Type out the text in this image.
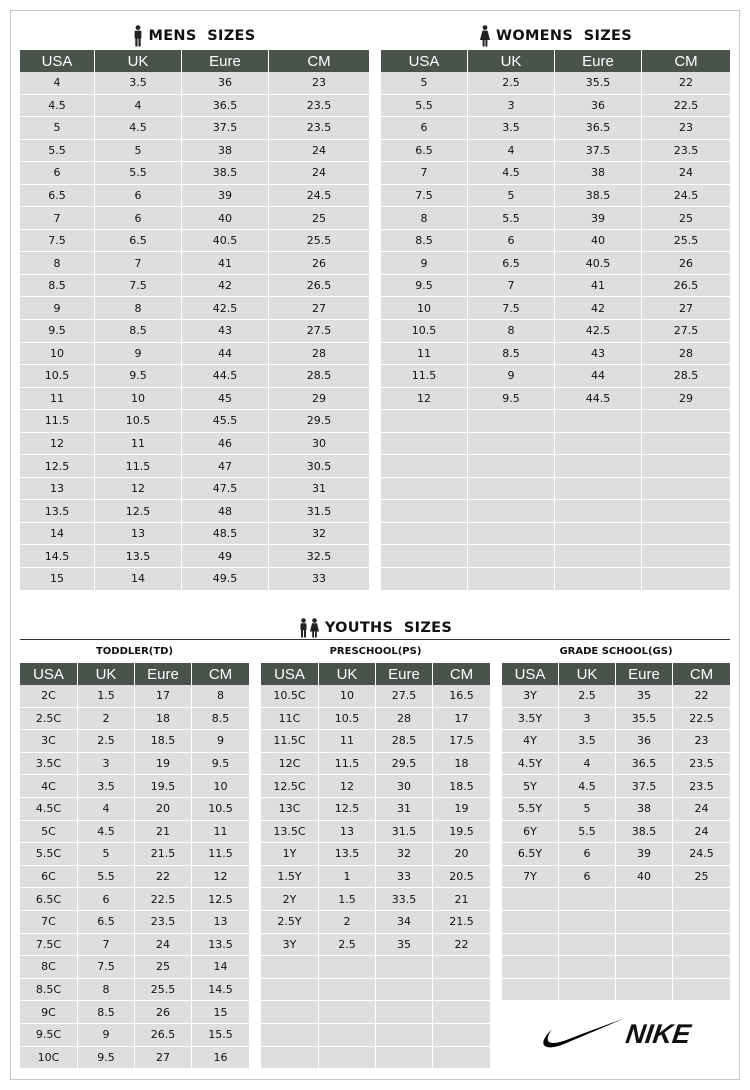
MENS  SIZES	WOMENS  SIZES
USA	UK	Eure	CM
4	3.5	36	23
4.5	4	36.5	23.5
5	4.5	37.5	23.5
5.5	5	38	24
6	5.5	38.5	24
6.5	6	39	24.5
7	6	40	25
7.5	6.5	40.5	25.5
8	7	41	26
8.5	7.5	42	26.5
9	8	42.5	27
9.5	8.5	43	27.5
10	9	44	28
10.5	9.5	44.5	28.5
11	10	45	29
11.5	10.5	45.5	29.5
12	11	46	30
12.5	11.5	47	30.5
13	12	47.5	31
13.5	12.5	48	31.5
14	13	48.5	32
14.5	13.5	49	32.5
15	14	49.5	33
USA	UK	Eure	CM
5	2.5	35.5	22
5.5	3	36	22.5
6	3.5	36.5	23
6.5	4	37.5	23.5
7	4.5	38	24
7.5	5	38.5	24.5
8	5.5	39	25
8.5	6	40	25.5
9	6.5	40.5	26
9.5	7	41	26.5
10	7.5	42	27
10.5	8	42.5	27.5
11	8.5	43	28
11.5	9	44	28.5
12	9.5	44.5	29
YOUTHS  SIZES
TODDLER(TD)	PRESCHOOL(PS)	GRADE SCHOOL(GS)
USA	UK	Eure	CM
2C	1.5	17	8
2.5C	2	18	8.5
3C	2.5	18.5	9
3.5C	3	19	9.5
4C	3.5	19.5	10
4.5C	4	20	10.5
5C	4.5	21	11
5.5C	5	21.5	11.5
6C	5.5	22	12
6.5C	6	22.5	12.5
7C	6.5	23.5	13
7.5C	7	24	13.5
8C	7.5	25	14
8.5C	8	25.5	14.5
9C	8.5	26	15
9.5C	9	26.5	15.5
10C	9.5	27	16
USA	UK	Eure	CM
10.5C	10	27.5	16.5
11C	10.5	28	17
11.5C	11	28.5	17.5
12C	11.5	29.5	18
12.5C	12	30	18.5
13C	12.5	31	19
13.5C	13	31.5	19.5
1Y	13.5	32	20
1.5Y	1	33	20.5
2Y	1.5	33.5	21
2.5Y	2	34	21.5
3Y	2.5	35	22
USA	UK	Eure	CM
3Y	2.5	35	22
3.5Y	3	35.5	22.5
4Y	3.5	36	23
4.5Y	4	36.5	23.5
5Y	4.5	37.5	23.5
5.5Y	5	38	24
6Y	5.5	38.5	24
6.5Y	6	39	24.5
7Y	6	40	25
NIKE
